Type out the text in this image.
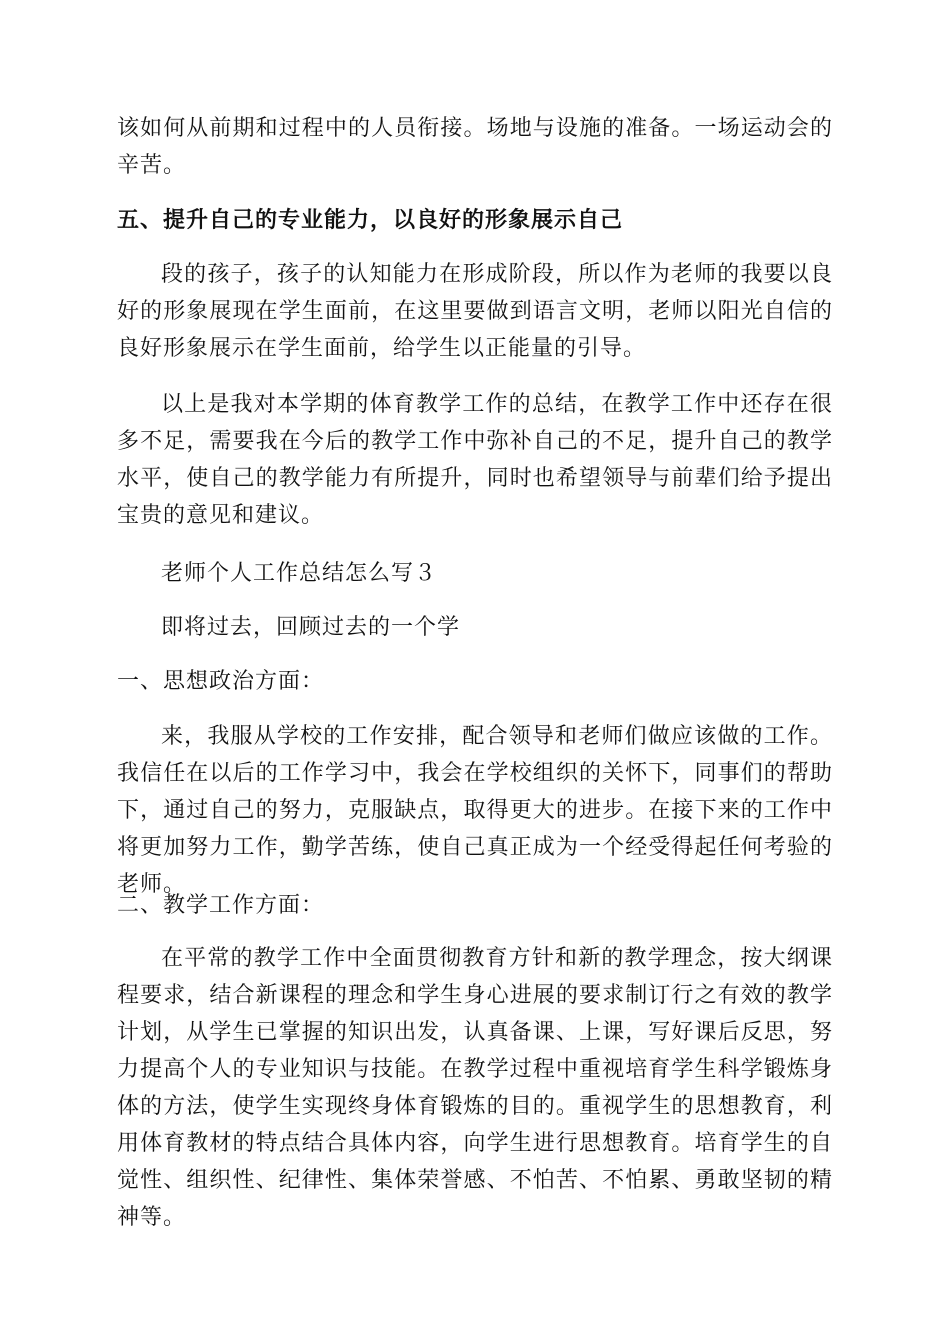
该如何从前期和过程中的人员衔接。场地与设施的准备。一场运动会的辛苦。

五、提升自己的专业能力，以良好的形象展示自己

段的孩子，孩子的认知能力在形成阶段，所以作为老师的我要以良好的形象展现在学生面前，在这里要做到语言文明，老师以阳光自信的良好形象展示在学生面前，给学生以正能量的引导。

以上是我对本学期的体育教学工作的总结，在教学工作中还存在很多不足，需要我在今后的教学工作中弥补自己的不足，提升自己的教学水平，使自己的教学能力有所提升，同时也希望领导与前辈们给予提出宝贵的意见和建议。

老师个人工作总结怎么写３

即将过去，回顾过去的一个学

一、思想政治方面：

来，我服从学校的工作安排，配合领导和老师们做应该做的工作。我信任在以后的工作学习中，我会在学校组织的关怀下，同事们的帮助下，通过自己的努力，克服缺点，取得更大的进步。在接下来的工作中将更加努力工作，勤学苦练，使自己真正成为一个经受得起任何考验的老师。

二、教学工作方面：

在平常的教学工作中全面贯彻教育方针和新的教学理念，按大纲课程要求，结合新课程的理念和学生身心进展的要求制订行之有效的教学计划，从学生已掌握的知识出发，认真备课、上课，写好课后反思，努力提高个人的专业知识与技能。在教学过程中重视培育学生科学锻炼身体的方法，使学生实现终身体育锻炼的目的。重视学生的思想教育，利用体育教材的特点结合具体内容，向学生进行思想教育。培育学生的自觉性、组织性、纪律性、集体荣誉感、不怕苦、不怕累、勇敢坚韧的精神等。
